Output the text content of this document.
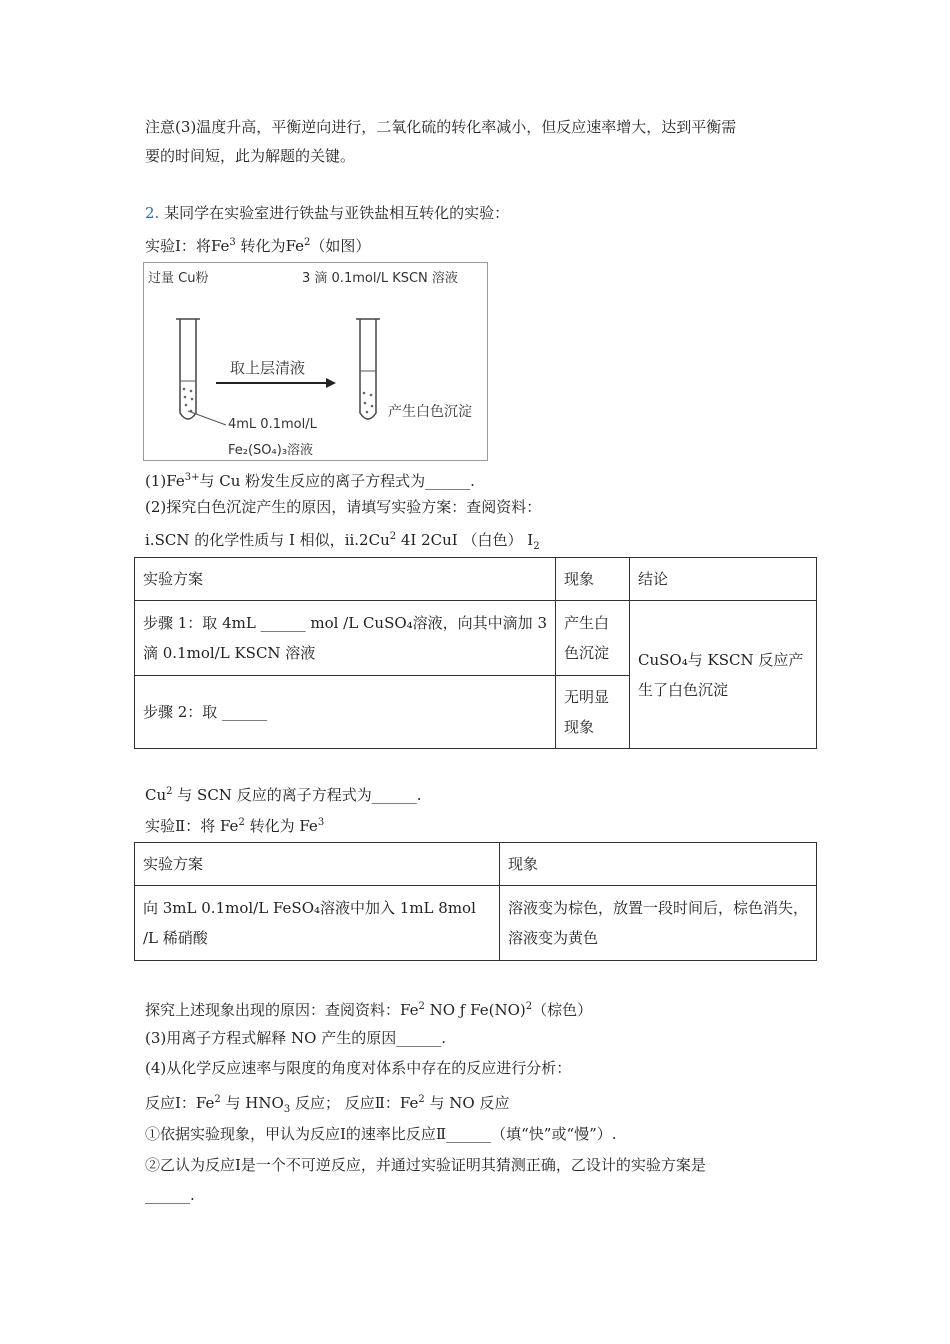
注意(3)温度升高，平衡逆向进行，二氧化硫的转化率减小，但反应速率增大，达到平衡需
要的时间短，此为解题的关键。
2. 某同学在实验室进行铁盐与亚铁盐相互转化的实验：
实验Ⅰ：将Fe$^3$ 转化为Fe$^2$（如图）
过量 Cu粉	3 滴 0.1mol/L KSCN 溶液
取上层清液
4mL 0.1mol/L
Fe₂(SO₄)₃溶液
产生白色沉淀
$(1)Fe^{3+}$与 Cu 粉发生反应的离子方程式为______.
(2)探究白色沉淀产生的原因，请填写实验方案：查阅资料：
i.SCN 的化学性质与 I 相似，ii.2Cu$^2$ 4I 2CuI （白色） $I_2$
实验方案	现象	结论
步骤 1：取 4mL ______ mol /L CuSO₄溶液，向其中滴加 3 滴 0.1mol/L KSCN 溶液	产生白色沉淀	CuSO₄与 KSCN 反应产生了白色沉淀
步骤 2：取 ______	无明显现象	
Cu$^2$ 与 SCN 反应的离子方程式为______.
实验Ⅱ：将 Fe$^2$ 转化为 Fe$^3$
实验方案	现象
向 3mL 0.1mol/L FeSO₄溶液中加入 1mL 8mol /L 稀硝酸	溶液变为棕色，放置一段时间后，棕色消失，溶液变为黄色
探究上述现象出现的原因：查阅资料：Fe$^2$ NO ƒ Fe(NO)$^2$（棕色）
(3)用离子方程式解释 NO 产生的原因______.
(4)从化学反应速率与限度的角度对体系中存在的反应进行分析：
反应Ⅰ：Fe$^2$ 与 $HNO_3$ 反应； 反应Ⅱ：Fe$^2$ 与 NO 反应
①依据实验现象，甲认为反应Ⅰ的速率比反应Ⅱ______（填“快”或“慢”）.
②乙认为反应Ⅰ是一个不可逆反应，并通过实验证明其猜测正确，乙设计的实验方案是
______.
